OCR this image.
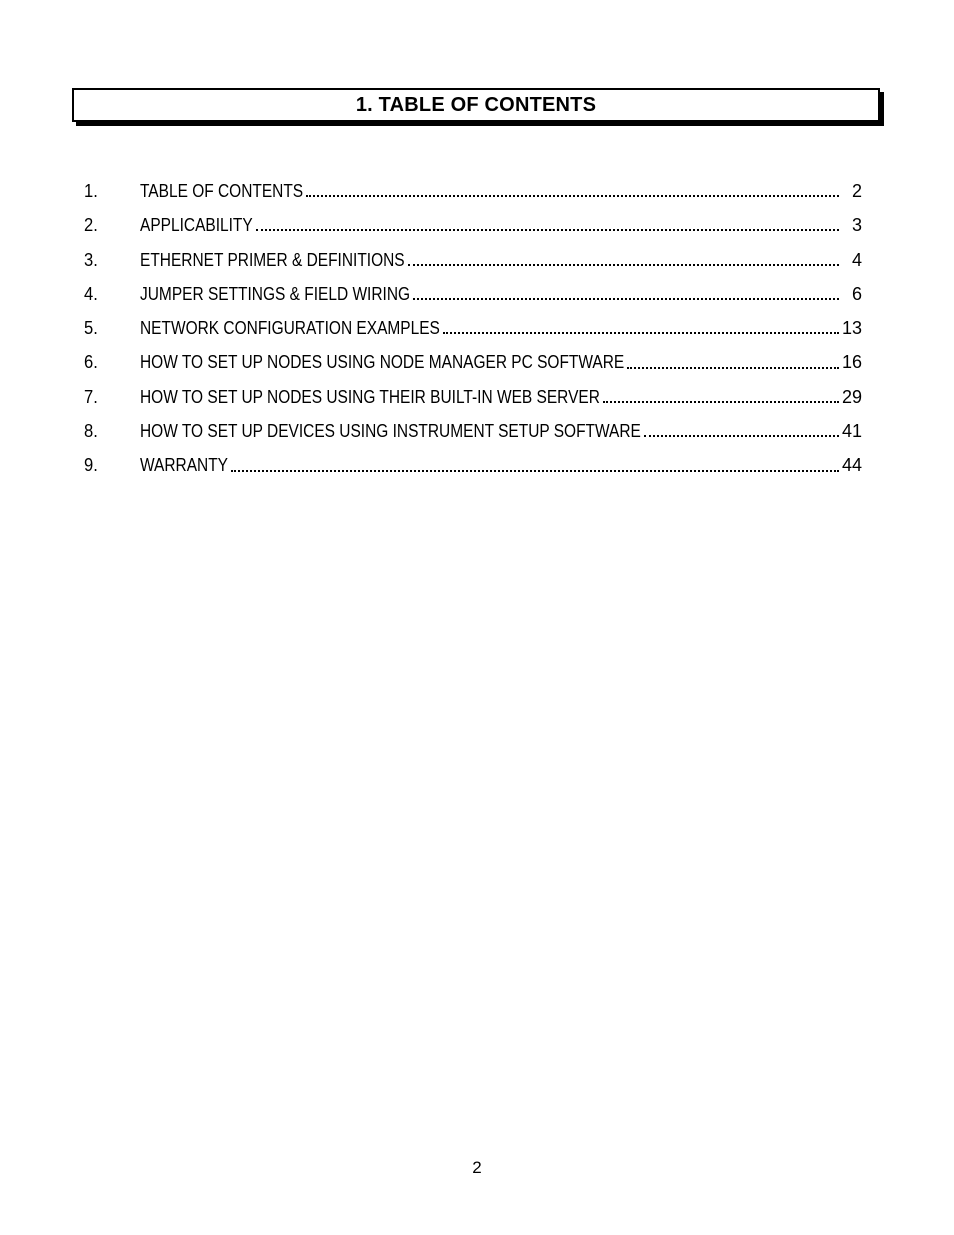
1. TABLE OF CONTENTS
1.	TABLE OF CONTENTS	2
2.	APPLICABILITY	3
3.	ETHERNET PRIMER & DEFINITIONS	4
4.	JUMPER SETTINGS & FIELD WIRING	6
5.	NETWORK CONFIGURATION EXAMPLES	13
6.	HOW TO SET UP NODES USING NODE MANAGER PC SOFTWARE	16
7.	HOW TO SET UP NODES USING THEIR BUILT-IN WEB SERVER	29
8.	HOW TO SET UP DEVICES USING INSTRUMENT SETUP SOFTWARE	41
9.	WARRANTY	44
2
